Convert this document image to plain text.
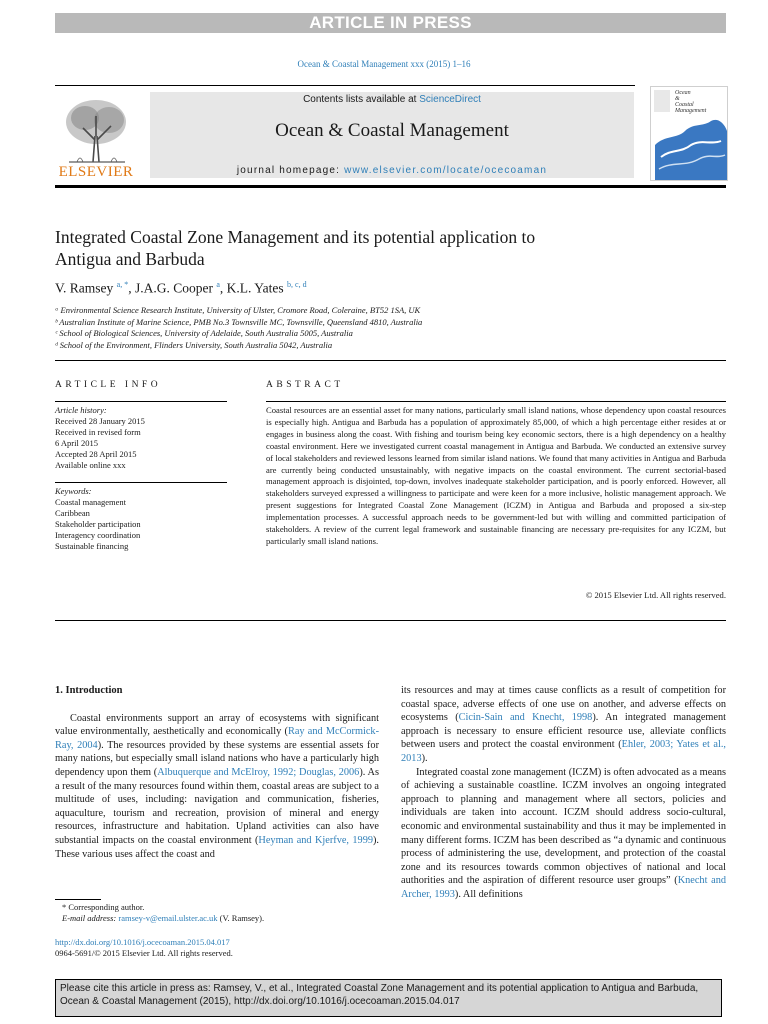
ARTICLE IN PRESS
Ocean & Coastal Management xxx (2015) 1–16
ELSEVIER
Contents lists available at ScienceDirect
Ocean & Coastal Management
journal homepage: www.elsevier.com/locate/ocecoaman
Ocean
&
Coastal
Management
Integrated Coastal Zone Management and its potential application to
Antigua and Barbuda
V. Ramsey $^{a, *}$, J.A.G. Cooper $^a$, K.L. Yates $^{b, c, d}$
ᵃ Environmental Science Research Institute, University of Ulster, Cromore Road, Coleraine, BT52 1SA, UK
ᵇ Australian Institute of Marine Science, PMB No.3 Townsville MC, Townsville, Queensland 4810, Australia
ᶜ School of Biological Sciences, University of Adelaide, South Australia 5005, Australia
ᵈ School of the Environment, Flinders University, South Australia 5042, Australia
ARTICLE INFO
Article history:
Received 28 January 2015
Received in revised form
6 April 2015
Accepted 28 April 2015
Available online xxx
Keywords:
Coastal management
Caribbean
Stakeholder participation
Interagency coordination
Sustainable financing
ABSTRACT
Coastal resources are an essential asset for many nations, particularly small island nations, whose dependency upon coastal resources is especially high. Antigua and Barbuda has a population of approximately 85,000, of which a high percentage either resides at or engages in business along the coast. With fishing and tourism being key economic sectors, there is a high dependency on a healthy coastal environment. Here we investigated current coastal management in Antigua and Barbuda. We conducted an extensive survey of local stakeholders and reviewed lessons learned from similar island nations. We found that many activities in Antigua and Barbuda are currently being conducted unsustainably, with negative impacts on the coastal environment. The current sectorial-based management approach is disjointed, top-down, involves inadequate stakeholder participation, and is poorly enforced. However, all stakeholders surveyed expressed a willingness to participate and were keen for a more inclusive, holistic management approach. We present suggestions for Integrated Coastal Zone Management (ICZM) in Antigua and Barbuda and proposed a six-step implementation processes. A successful approach needs to be government-led but with willing and committed participation of stakeholders. A review of the current legal framework and sustainable financing are necessary pre-requisites for any ICZM, but particularly small island nations.
© 2015 Elsevier Ltd. All rights reserved.
1. Introduction

Coastal environments support an array of ecosystems with significant value environmentally, aesthetically and economically (Ray and McCormick-Ray, 2004). The resources provided by these systems are essential assets for many nations, but especially small island nations who have a particularly high dependency upon them (Albuquerque and McElroy, 1992; Douglas, 2006). As a result of the many resources found within them, coastal areas are subject to a multitude of uses, including: navigation and communication, fisheries, aquaculture, tourism and recreation, provision of mineral and energy resources, infrastructure and habitation. Upland activities can also have substantial impacts on the coastal environment (Heyman and Kjerfve, 1999). These various uses affect the coast and

its resources and may at times cause conflicts as a result of competition for coastal space, adverse effects of one use on another, and adverse effects on ecosystems (Cicin-Sain and Knecht, 1998). An integrated management approach is necessary to ensure efficient resource use, alleviate conflicts between users and protect the coastal environment (Ehler, 2003; Yates et al., 2013).

Integrated coastal zone management (ICZM) is often advocated as a means of achieving a sustainable coastline. ICZM involves an ongoing integrated approach to planning and management where all sectors, policies and individuals are taken into account. ICZM should address socio-cultural, economic and environmental sustainability and thus it may be implemented in many different forms. ICZM has been described as “a dynamic and continuous process of administering the use, development, and protection of the coastal zone and its resources towards common objectives of national and local authorities and the aspiration of different resource user groups” (Knecht and Archer, 1993). All definitions

* Corresponding author.
E-mail address: ramsey-v@email.ulster.ac.uk (V. Ramsey).
http://dx.doi.org/10.1016/j.ocecoaman.2015.04.017
0964-5691/© 2015 Elsevier Ltd. All rights reserved.
Please cite this article in press as: Ramsey, V., et al., Integrated Coastal Zone Management and its potential application to Antigua and Barbuda,
Ocean & Coastal Management (2015), http://dx.doi.org/10.1016/j.ocecoaman.2015.04.017
